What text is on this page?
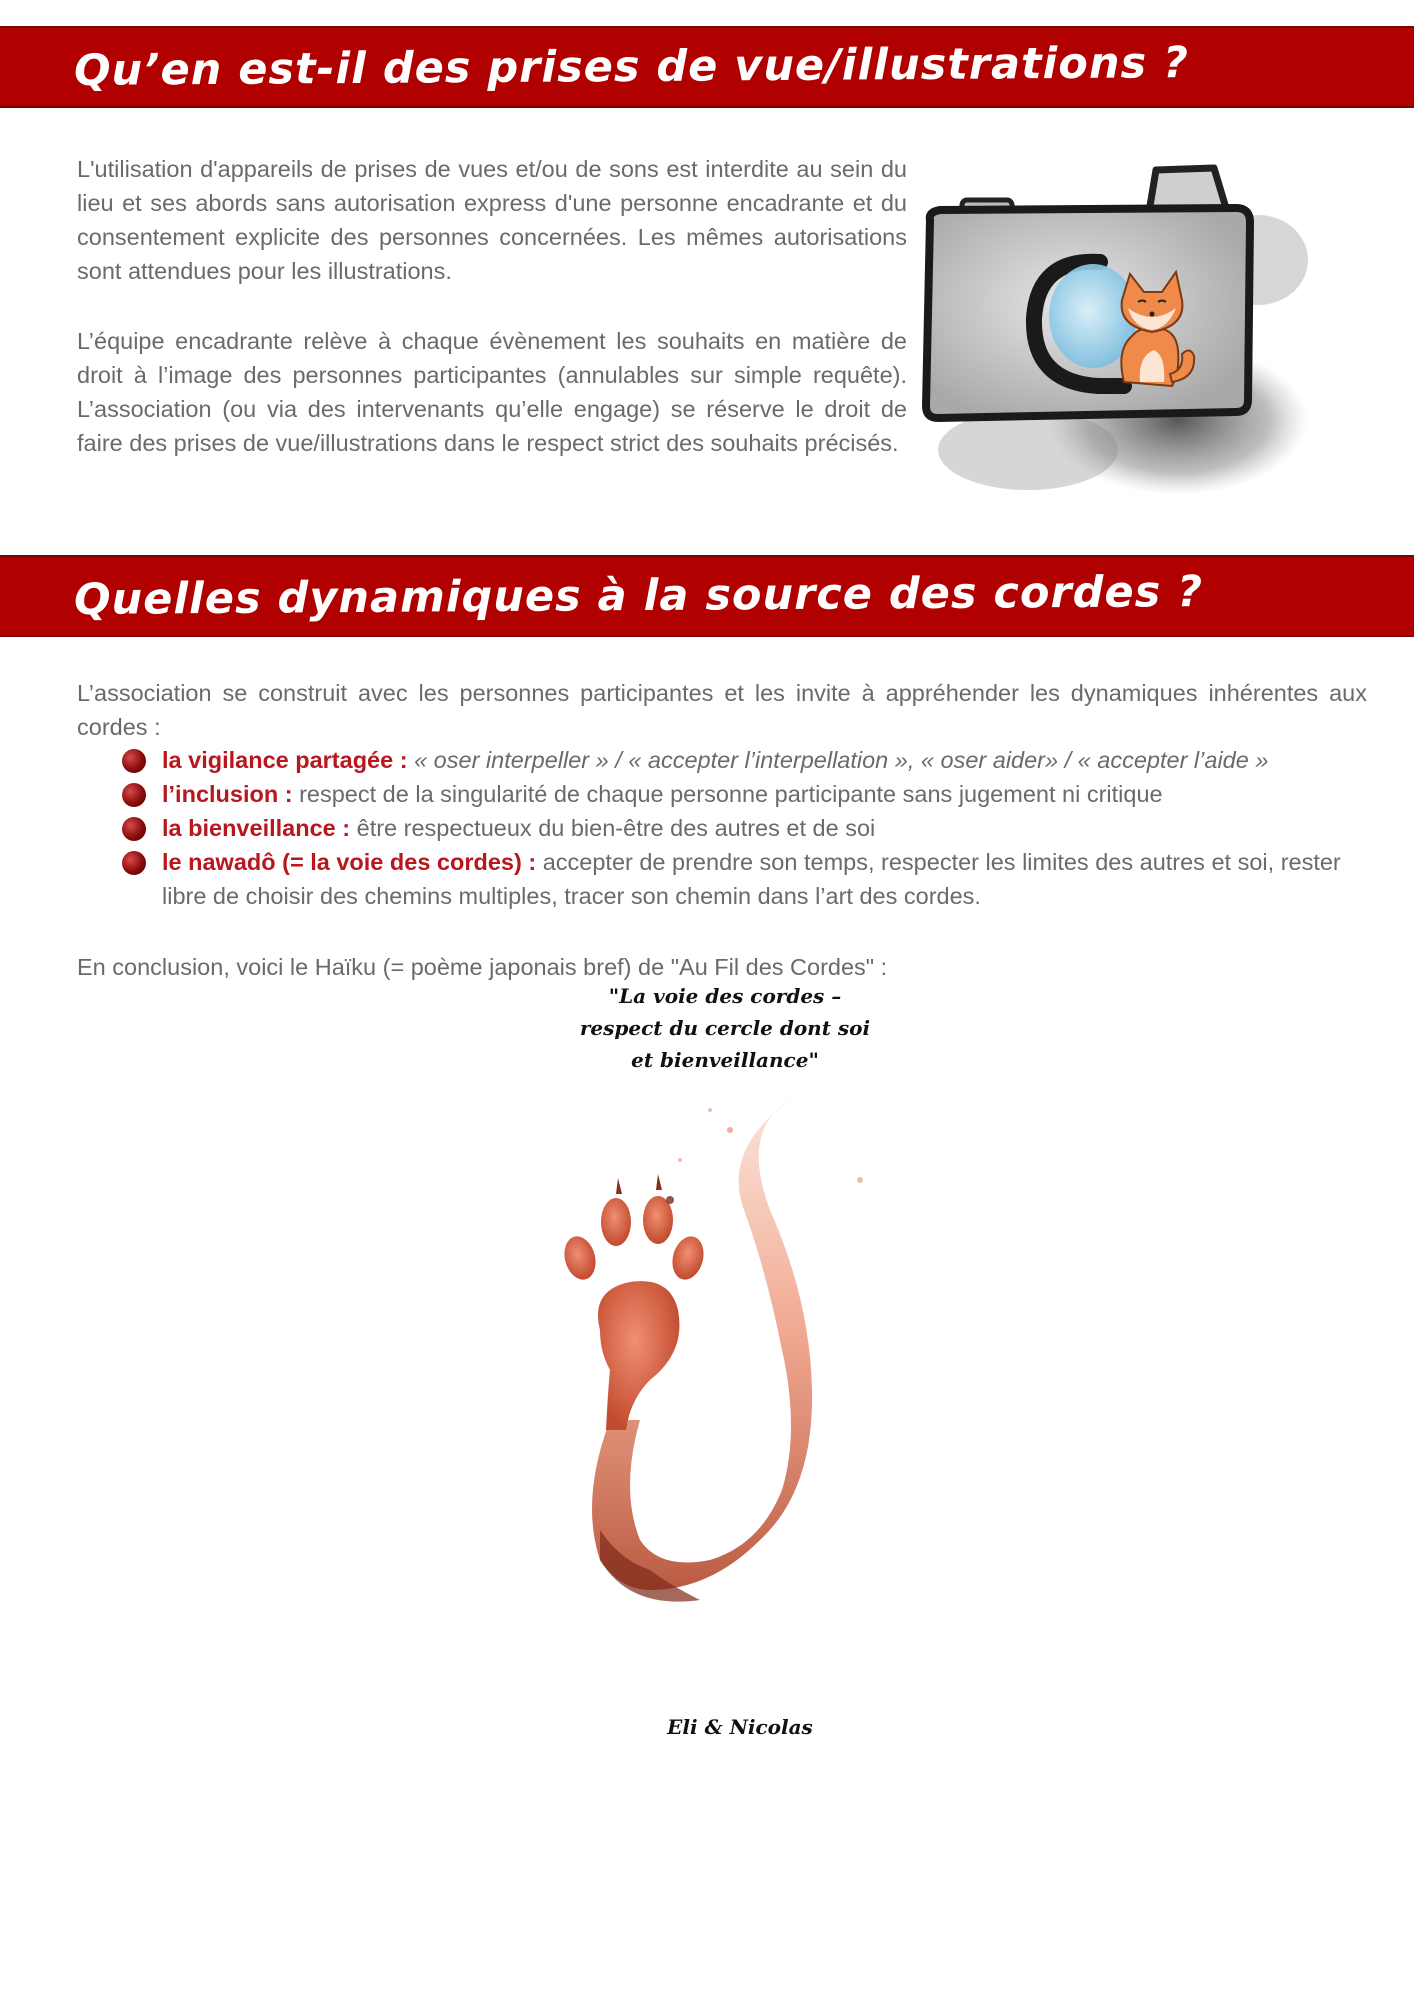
Qu’en est-il des prises de vue/illustrations ?

L'utilisation d'appareils de prises de vues et/ou de sons est interdite au sein du lieu et ses abords sans autorisation express d'une personne encadrante et du consentement explicite des personnes concernées. Les mêmes autorisations sont attendues pour les illustrations.

L’équipe encadrante relève à chaque évènement les souhaits en matière de droit à l’image des personnes participantes (annulables sur simple requête). L’association (ou via des intervenants qu’elle engage) se réserve le droit de faire des prises de vue/illustrations dans le respect strict des souhaits précisés.

Quelles dynamiques à la source des cordes ?

L’association se construit avec les personnes participantes et les invite à appréhender les dynamiques inhérentes aux cordes :

la vigilance partagée : « oser interpeller » / « accepter l’interpellation », « oser aider» / « accepter l’aide »
l’inclusion : respect de la singularité de chaque personne participante sans jugement ni critique
la bienveillance : être respectueux du bien-être des autres et de soi
le nawadô (= la voie des cordes) : accepter de prendre son temps, respecter les limites des autres et soi, rester libre de choisir des chemins multiples, tracer son chemin dans l’art des cordes.

En conclusion, voici le Haïku (= poème japonais bref) de "Au Fil des Cordes" :

"La voie des cordes –
respect du cercle dont soi
et bienveillance"
Eli & Nicolas
